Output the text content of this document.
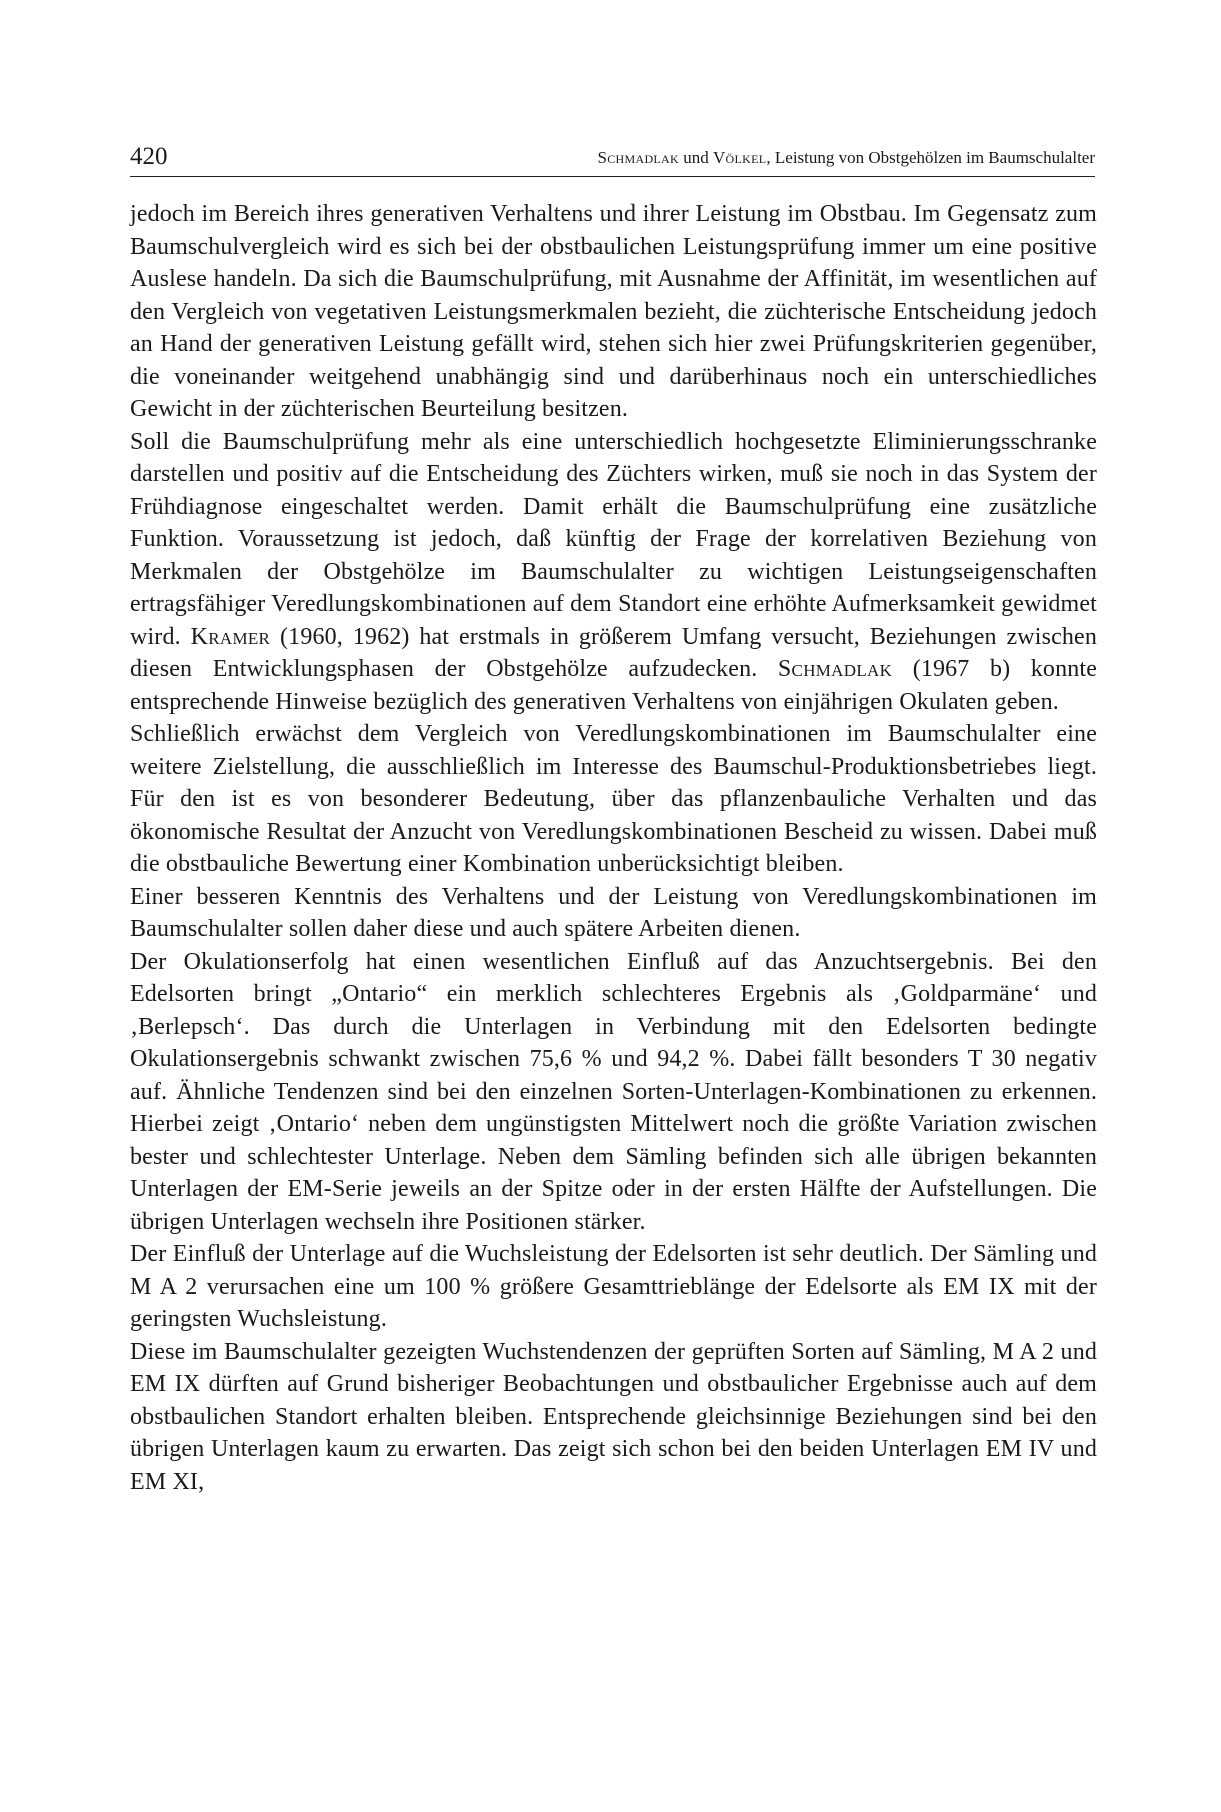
420	Schmadlak und Völkel, Leistung von Obstgehölzen im Baumschulalter

jedoch im Bereich ihres generativen Verhaltens und ihrer Leistung im Obstbau. Im Gegensatz zum Baumschulvergleich wird es sich bei der obstbaulichen Leistungsprüfung immer um eine positive Auslese handeln. Da sich die Baumschulprüfung, mit Ausnahme der Affinität, im wesentlichen auf den Vergleich von vegetativen Leistungsmerkmalen bezieht, die züchterische Entscheidung jedoch an Hand der generativen Leistung gefällt wird, stehen sich hier zwei Prüfungskriterien gegenüber, die voneinander weitgehend unabhängig sind und darüberhinaus noch ein unterschiedliches Gewicht in der züchterischen Beurteilung besitzen.

Soll die Baumschulprüfung mehr als eine unterschiedlich hochgesetzte Eliminierungsschranke darstellen und positiv auf die Entscheidung des Züchters wirken, muß sie noch in das System der Frühdiagnose eingeschaltet werden. Damit erhält die Baumschulprüfung eine zusätzliche Funktion. Voraussetzung ist jedoch, daß künftig der Frage der korrelativen Beziehung von Merkmalen der Obstgehölze im Baumschulalter zu wichtigen Leistungseigenschaften ertragsfähiger Veredlungskombinationen auf dem Standort eine erhöhte Aufmerksamkeit gewidmet wird. Kramer (1960, 1962) hat erstmals in größerem Umfang versucht, Beziehungen zwischen diesen Entwicklungsphasen der Obstgehölze aufzudecken. Schmadlak (1967 b) konnte entsprechende Hinweise bezüglich des generativen Verhaltens von einjährigen Okulaten geben.

Schließlich erwächst dem Vergleich von Veredlungskombinationen im Baumschulalter eine weitere Zielstellung, die ausschließlich im Interesse des Baumschul-Produktionsbetriebes liegt. Für den ist es von besonderer Bedeutung, über das pflanzenbauliche Verhalten und das ökonomische Resultat der Anzucht von Veredlungskombinationen Bescheid zu wissen. Dabei muß die obstbauliche Bewertung einer Kombination unberücksichtigt bleiben.

Einer besseren Kenntnis des Verhaltens und der Leistung von Veredlungskombinationen im Baumschulalter sollen daher diese und auch spätere Arbeiten dienen.

Der Okulationserfolg hat einen wesentlichen Einfluß auf das Anzuchtsergebnis. Bei den Edelsorten bringt „Ontario“ ein merklich schlechteres Ergebnis als ‚Goldparmäne‘ und ‚Berlepsch‘. Das durch die Unterlagen in Verbindung mit den Edelsorten bedingte Okulationsergebnis schwankt zwischen 75,6 % und 94,2 %. Dabei fällt besonders T 30 negativ auf. Ähnliche Tendenzen sind bei den einzelnen Sorten-Unterlagen-Kombinationen zu erkennen. Hierbei zeigt ‚Ontario‘ neben dem ungünstigsten Mittelwert noch die größte Variation zwischen bester und schlechtester Unterlage. Neben dem Sämling befinden sich alle übrigen bekannten Unterlagen der EM-Serie jeweils an der Spitze oder in der ersten Hälfte der Aufstellungen. Die übrigen Unterlagen wechseln ihre Positionen stärker.

Der Einfluß der Unterlage auf die Wuchsleistung der Edelsorten ist sehr deutlich. Der Sämling und M A 2 verursachen eine um 100 % größere Gesamttrieblänge der Edelsorte als EM IX mit der geringsten Wuchsleistung.

Diese im Baumschulalter gezeigten Wuchstendenzen der geprüften Sorten auf Sämling, M A 2 und EM IX dürften auf Grund bisheriger Beobachtungen und obstbaulicher Ergebnisse auch auf dem obstbaulichen Standort erhalten bleiben. Entsprechende gleichsinnige Beziehungen sind bei den übrigen Unterlagen kaum zu erwarten. Das zeigt sich schon bei den beiden Unterlagen EM IV und EM XI,
